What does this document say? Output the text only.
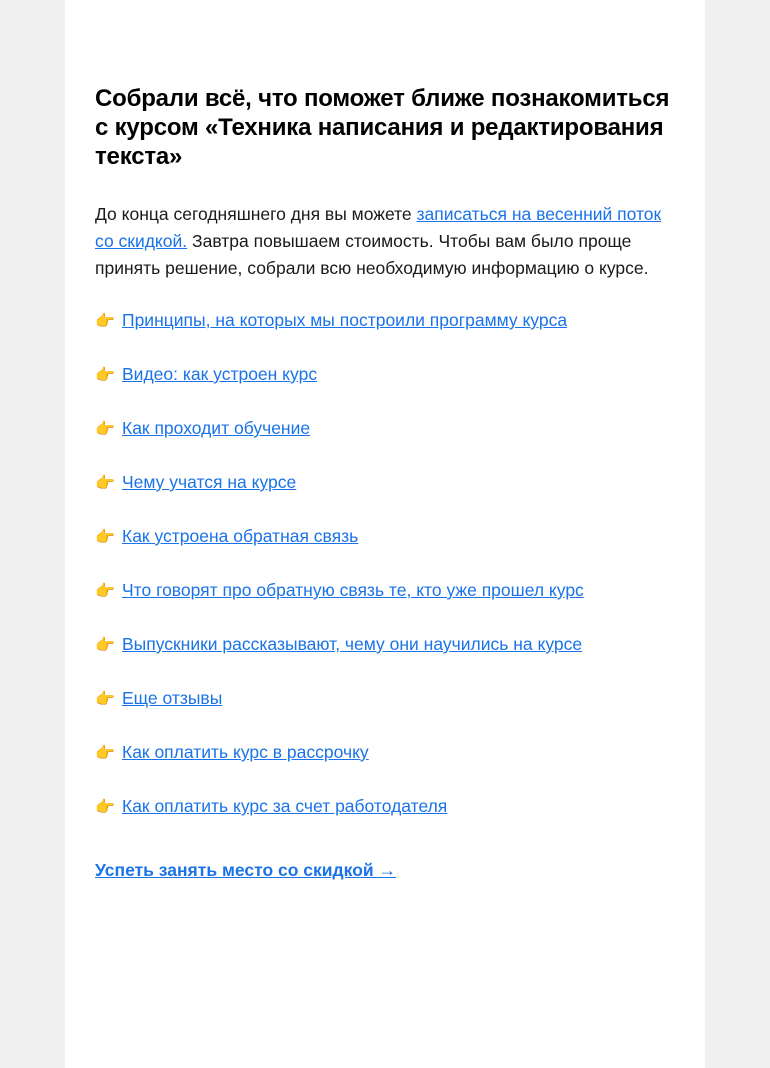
Собрали всё, что поможет ближе познакомиться с курсом «Техника написания и редактирования текста»

До конца сегодняшнего дня вы можете записаться на весенний поток со скидкой. Завтра повышаем стоимость. Чтобы вам было проще принять решение, собрали всю необходимую информацию о курсе.

👉 Принципы, на которых мы построили программу курса
👉 Видео: как устроен курс
👉 Как проходит обучение
👉 Чему учатся на курсе
👉 Как устроена обратная связь
👉 Что говорят про обратную связь те, кто уже прошел курс
👉 Выпускники рассказывают, чему они научились на курсе
👉 Еще отзывы
👉 Как оплатить курс в рассрочку
👉 Как оплатить курс за счет работодателя

Успеть занять место со скидкой →
